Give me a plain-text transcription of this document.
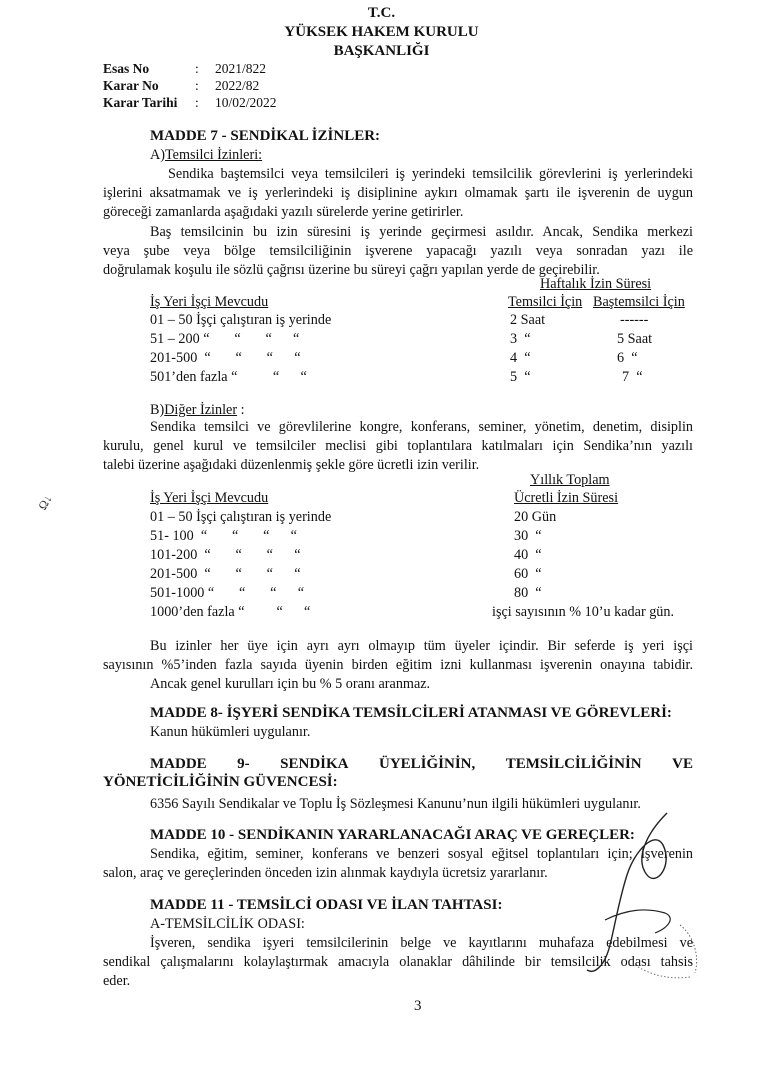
T.C.
YÜKSEK HAKEM KURULU
BAŞKANLIĞI
Esas No	: 2021/822
Karar No	: 2022/82
Karar Tarihi : 10/02/2022
MADDE 7 - SENDİKAL İZİNLER:
A)Temsilci İzinleri:
Sendika baştemsilci veya temsilcileri iş yerindeki temsilcilik görevlerini iş yerlerindeki
işlerini aksatmamak ve iş yerlerindeki iş disiplinine aykırı olmamak şartı ile işverenin de uygun
göreceği zamanlarda aşağıdaki yazılı sürelerde yerine getirirler.
Baş temsilcinin bu izin süresini iş yerinde geçirmesi asıldır. Ancak, Sendika merkezi
veya şube veya bölge temsilciliğinin işverene yapacağı yazılı veya sonradan yazı ile
doğrulamak koşulu ile sözlü çağrısı üzerine bu süreyi çağrı yapılan yerde de geçirebilir.
Haftalık İzin Süresi
İş Yeri İşçi Mevcudu	Temsilci İçin Baştemsilci İçin
01 – 50 İşçi çalıştıran iş yerinde	2 Saat	------
51 – 200 “       “       “      “	3  “	5 Saat
201-500  “       “       “      “	4  “	6  “
501’den fazla “          “      “	5  “	7  “
B)Diğer İzinler :
Sendika temsilci ve görevlilerine kongre, konferans, seminer, yönetim, denetim, disiplin
kurulu, genel kurul ve temsilciler meclisi gibi toplantılara katılmaları için Sendika’nın yazılı
talebi üzerine aşağıdaki düzenlenmiş şekle göre ücretli izin verilir.
Yıllık Toplam
İş Yeri İşçi Mevcudu	Ücretli İzin Süresi
01 – 50 İşçi çalıştıran iş yerinde	20 Gün
51- 100  “       “       “      “	30  “
101-200  “       “       “      “	40  “
201-500  “       “       “      “	60  “
501-1000 “       “       “      “	80  “
1000’den fazla “         “      “	işçi sayısının % 10’u kadar gün.
Bu izinler her üye için ayrı ayrı olmayıp tüm üyeler içindir. Bir seferde iş yeri işçi
sayısının %5’inden fazla sayıda üyenin birden eğitim izni kullanması işverenin onayına tabidir.
Ancak genel kurulları için bu % 5 oranı aranmaz.
MADDE 8- İŞYERİ SENDİKA TEMSİLCİLERİ ATANMASI VE GÖREVLERİ:
Kanun hükümleri uygulanır.
MADDE 9- SENDİKA ÜYELİĞİNİN, TEMSİLCİLİĞİNİN VE
YÖNETİCİLİĞİNİN GÜVENCESİ:
6356 Sayılı Sendikalar ve Toplu İş Sözleşmesi Kanunu’nun ilgili hükümleri uygulanır.
MADDE 10 - SENDİKANIN YARARLANACAĞI ARAÇ VE GEREÇLER:
Sendika, eğitim, seminer, konferans ve benzeri sosyal eğitsel toplantıları için; işverenin
salon, araç ve gereçlerinden önceden izin alınmak kaydıyla ücretsiz yararlanır.
MADDE 11 - TEMSİLCİ ODASI VE İLAN TAHTASI:
A-TEMSİLCİLİK ODASI:
İşveren, sendika işyeri temsilcilerinin belge ve kayıtlarını muhafaza edebilmesi ve
sendikal çalışmalarını kolaylaştırmak amacıyla olanaklar dâhilinde bir temsilcilik odası tahsis
eder.
3
Ω↓
